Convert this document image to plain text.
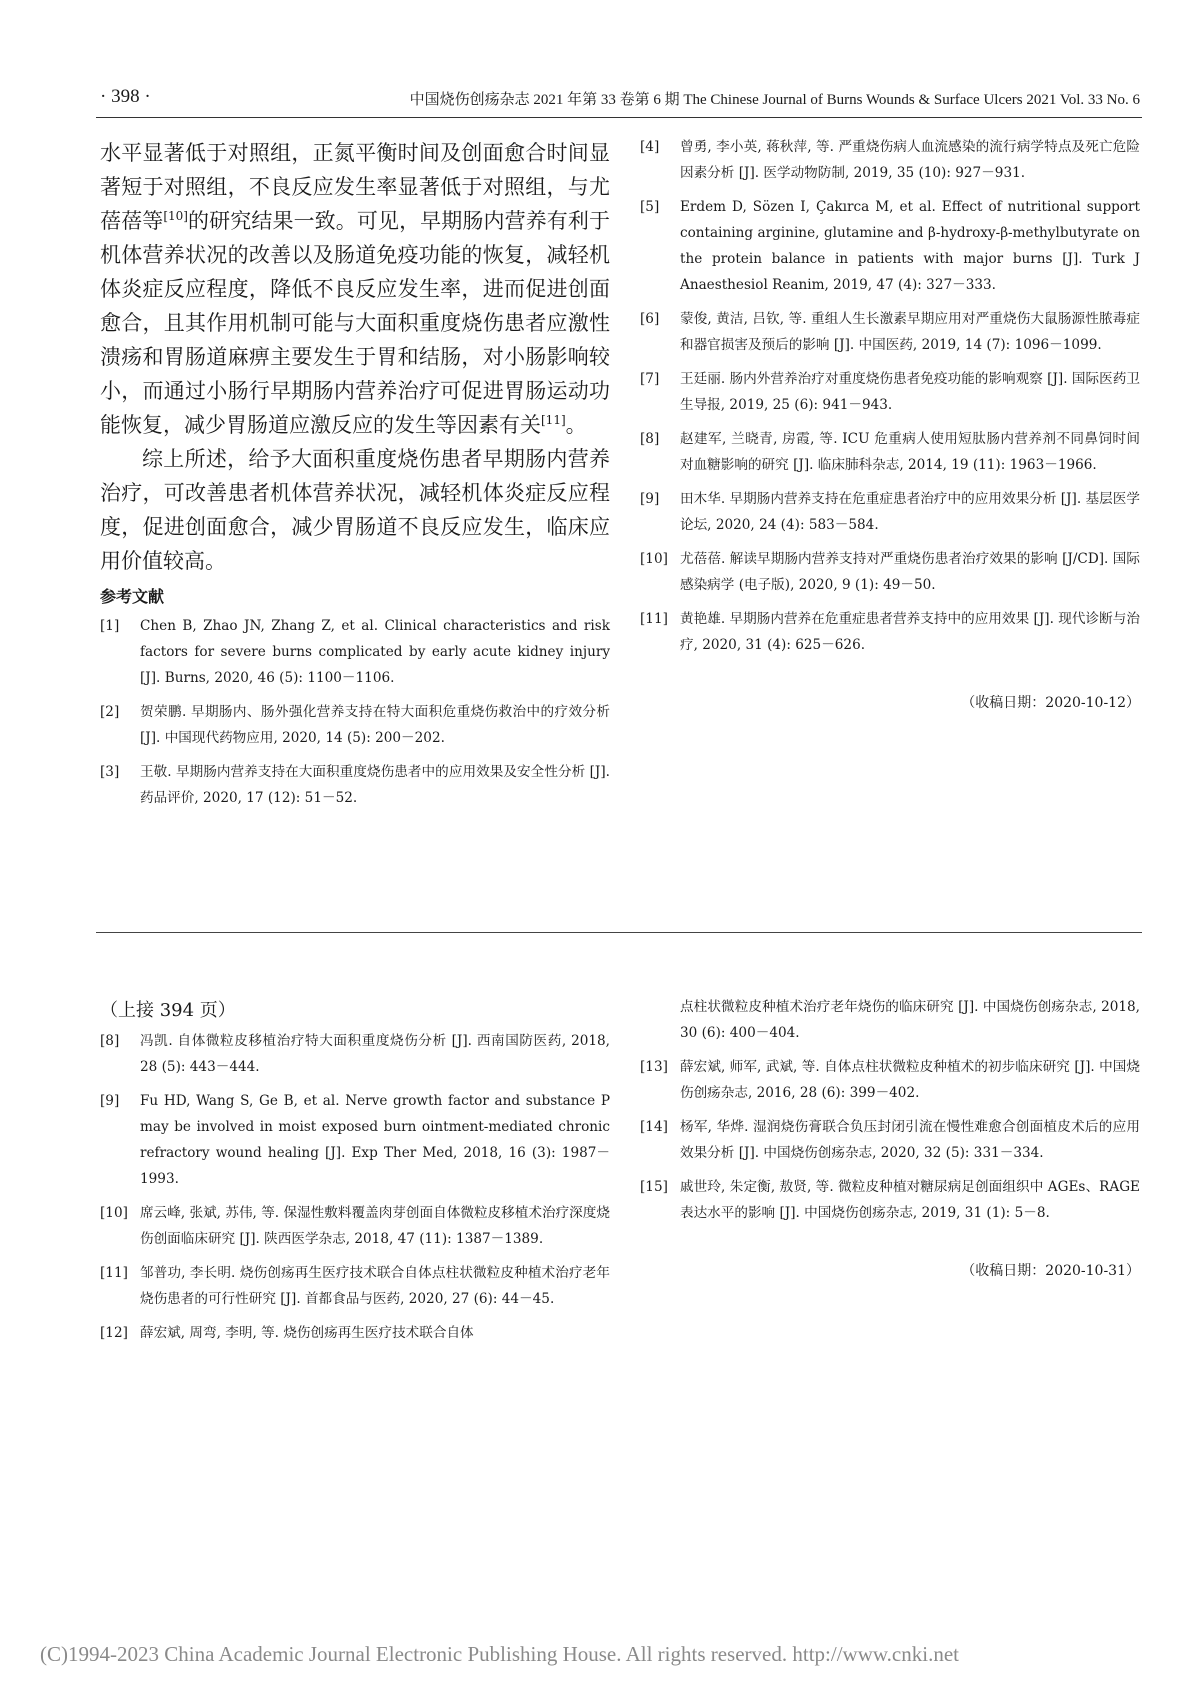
· 398 ·	中国烧伤创疡杂志 2021 年第 33 卷第 6 期 The Chinese Journal of Burns Wounds & Surface Ulcers 2021 Vol. 33 No. 6

水平显著低于对照组，正氮平衡时间及创面愈合时间显著短于对照组，不良反应发生率显著低于对照组，与尤蓓蓓等[10]的研究结果一致。可见，早期肠内营养有利于机体营养状况的改善以及肠道免疫功能的恢复，减轻机体炎症反应程度，降低不良反应发生率，进而促进创面愈合，且其作用机制可能与大面积重度烧伤患者应激性溃疡和胃肠道麻痹主要发生于胃和结肠，对小肠影响较小，而通过小肠行早期肠内营养治疗可促进胃肠运动功能恢复，减少胃肠道应激反应的发生等因素有关[11]。

综上所述，给予大面积重度烧伤患者早期肠内营养治疗，可改善患者机体营养状况，减轻机体炎症反应程度，促进创面愈合，减少胃肠道不良反应发生，临床应用价值较高。

参考文献
[1]	Chen B, Zhao JN, Zhang Z, et al. Clinical characteristics and risk factors for severe burns complicated by early acute kidney injury [J]. Burns, 2020, 46 (5): 1100－1106.
[2]	贺荣鹏. 早期肠内、肠外强化营养支持在特大面积危重烧伤救治中的疗效分析 [J]. 中国现代药物应用, 2020, 14 (5): 200－202.
[3]	王敬. 早期肠内营养支持在大面积重度烧伤患者中的应用效果及安全性分析 [J]. 药品评价, 2020, 17 (12): 51－52.
[4]	曾勇, 李小英, 蒋秋萍, 等. 严重烧伤病人血流感染的流行病学特点及死亡危险因素分析 [J]. 医学动物防制, 2019, 35 (10): 927－931.
[5]	Erdem D, Sözen I, Çakırca M, et al. Effect of nutritional support containing arginine, glutamine and β-hydroxy-β-methylbutyrate on the protein balance in patients with major burns [J]. Turk J Anaesthesiol Reanim, 2019, 47 (4): 327－333.
[6]	蒙俊, 黄洁, 吕钦, 等. 重组人生长激素早期应用对严重烧伤大鼠肠源性脓毒症和器官损害及预后的影响 [J]. 中国医药, 2019, 14 (7): 1096－1099.
[7]	王廷丽. 肠内外营养治疗对重度烧伤患者免疫功能的影响观察 [J]. 国际医药卫生导报, 2019, 25 (6): 941－943.
[8]	赵建军, 兰晓青, 房霞, 等. ICU 危重病人使用短肽肠内营养剂不同鼻饲时间对血糖影响的研究 [J]. 临床肺科杂志, 2014, 19 (11): 1963－1966.
[9]	田木华. 早期肠内营养支持在危重症患者治疗中的应用效果分析 [J]. 基层医学论坛, 2020, 24 (4): 583－584.
[10] 尤蓓蓓. 解读早期肠内营养支持对严重烧伤患者治疗效果的影响 [J/CD]. 国际感染病学 (电子版), 2020, 9 (1): 49－50.
[11] 黄艳雄. 早期肠内营养在危重症患者营养支持中的应用效果 [J]. 现代诊断与治疗, 2020, 31 (4): 625－626.
（收稿日期：2020-10-12）
（上接 394 页）
[8]	冯凯. 自体微粒皮移植治疗特大面积重度烧伤分析 [J]. 西南国防医药, 2018, 28 (5): 443－444.
[9]	Fu HD, Wang S, Ge B, et al. Nerve growth factor and substance P may be involved in moist exposed burn ointment-mediated chronic refractory wound healing [J]. Exp Ther Med, 2018, 16 (3): 1987－1993.
[10] 席云峰, 张斌, 苏伟, 等. 保湿性敷料覆盖肉芽创面自体微粒皮移植术治疗深度烧伤创面临床研究 [J]. 陕西医学杂志, 2018, 47 (11): 1387－1389.
[11] 邹普功, 李长明. 烧伤创疡再生医疗技术联合自体点柱状微粒皮种植术治疗老年烧伤患者的可行性研究 [J]. 首都食品与医药, 2020, 27 (6): 44－45.
[12] 薛宏斌, 周弯, 李明, 等. 烧伤创疡再生医疗技术联合自体
点柱状微粒皮种植术治疗老年烧伤的临床研究 [J]. 中国烧伤创疡杂志, 2018, 30 (6): 400－404.
[13] 薛宏斌, 师军, 武斌, 等. 自体点柱状微粒皮种植术的初步临床研究 [J]. 中国烧伤创疡杂志, 2016, 28 (6): 399－402.
[14] 杨军, 华烨. 湿润烧伤膏联合负压封闭引流在慢性难愈合创面植皮术后的应用效果分析 [J]. 中国烧伤创疡杂志, 2020, 32 (5): 331－334.
[15] 戚世玲, 朱定衡, 敖贤, 等. 微粒皮种植对糖尿病足创面组织中 AGEs、RAGE 表达水平的影响 [J]. 中国烧伤创疡杂志, 2019, 31 (1): 5－8.
（收稿日期：2020-10-31）
(C)1994-2023 China Academic Journal Electronic Publishing House. All rights reserved. http://www.cnki.net
